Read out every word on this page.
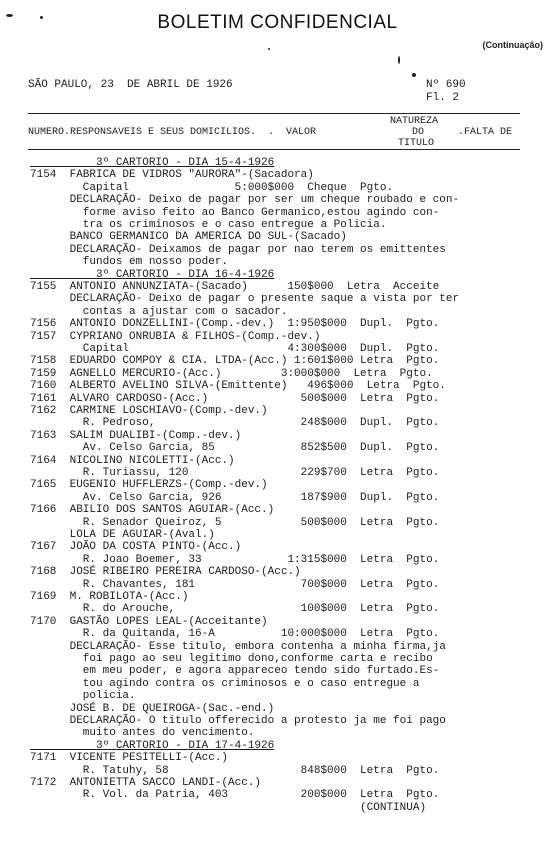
BOLETIM CONFIDENCIAL
(Continuação)
SÃO PAULO, 23  DE ABRIL DE 1926	Nº 690
Fl. 2
NATUREZA
NUMERO.RESPONSAVEIS E SEUS DOMICILIOS.  .  VALOR	DO	.FALTA DE
TITULO
3º CARTORIO - DIA 15-4-1926
7154  FABRICA DE VIDROS "AURORA"-(Sacadora)
Capital                5:000$000  Cheque  Pgto.
DECLARAÇÃO- Deixo de pagar por ser um cheque roubado e con-
forme aviso feito ao Banco Germanico,estou agindo con-
tra os criminosos e o caso entregue a Policia.
BANCO GERMANICO DA AMERICA DO SUL-(Sacado)
DECLARAÇÃO- Deixamos de pagar por nao terem os emittentes
fundos em nosso poder.
3º CARTORIO - DIA 16-4-1926
7155  ANTONIO ANNUNZIATA-(Sacado)      150$000  Letra  Acceite
DECLARAÇÃO- Deixo de pagar o presente saque a vista por ter
contas a ajustar com o sacador.
7156  ANTONIO DONZELLINI-(Comp.-dev.)  1:950$000  Dupl.  Pgto.
7157  CYPRIANO ONRUBIA & FILHOS-(Comp.-dev.)
Capital                        4:300$000  Dupl.  Pgto.
7158  EDUARDO COMPOY & CIA. LTDA-(Acc.) 1:601$000 Letra  Pgto.
7159  AGNELLO MERCURIO-(Acc.)         3:000$000  Letra  Pgto.
7160  ALBERTO AVELINO SILVA-(Emittente)   496$000  Letra  Pgto.
7161  ALVARO CARDOSO-(Acc.)              500$000  Letra  Pgto.
7162  CARMINE LOSCHIAVO-(Comp.-dev.)
R. Pedroso,                      248$000  Dupl.  Pgto.
7163  SALIM DUALIBI-(Comp.-dev.)
Av. Celso Garcia, 85             852$500  Dupl.  Pgto.
7164  NICOLINO NICOLETTI-(Acc.)
R. Turiassu, 120                 229$700  Letra  Pgto.
7165  EUGENIO HUFFLERZS-(Comp.-dev.)
Av. Celso Garcia, 926            187$900  Dupl.  Pgto.
7166  ABILIO DOS SANTOS AGUIAR-(Acc.)
R. Senador Queiroz, 5            500$000  Letra  Pgto.
LOLA DE AGUIAR-(Aval.)
7167  JOÃO DA COSTA PINTO-(Acc.)
R. Joao Boemer, 33             1:315$000  Letra  Pgto.
7168  JOSÉ RIBEIRO PEREIRA CARDOSO-(Acc.)
R. Chavantes, 181                700$000  Letra  Pgto.
7169  M. ROBILOTA-(Acc.)
R. do Arouche,                   100$000  Letra  Pgto.
7170  GASTÃO LOPES LEAL-(Acceitante)
R. da Quitanda, 16-A          10:000$000  Letra  Pgto.
DECLARAÇÃO- Esse titulo, embora contenha a minha firma,ja
foi pago ao seu legitimo dono,conforme carta e recibo
em meu poder, e agora appareceo tendo sido furtado.Es-
tou agindo contra os criminosos e o caso entregue a
policia.
JOSÉ B. DE QUEIROGA-(Sac.-end.)
DECLARAÇÃO- O titulo offerecido a protesto ja me foi pago
muito antes do vencimento.
3º CARTORIO - DIA 17-4-1926
7171  VICENTE PESITELLI-(Acc.)
R. Tatuhy, 58                    848$000  Letra  Pgto.
7172  ANTONIETTA SACCO LANDI-(Acc.)
R. Vol. da Patria, 403           200$000  Letra  Pgto.
(CONTINUA)
